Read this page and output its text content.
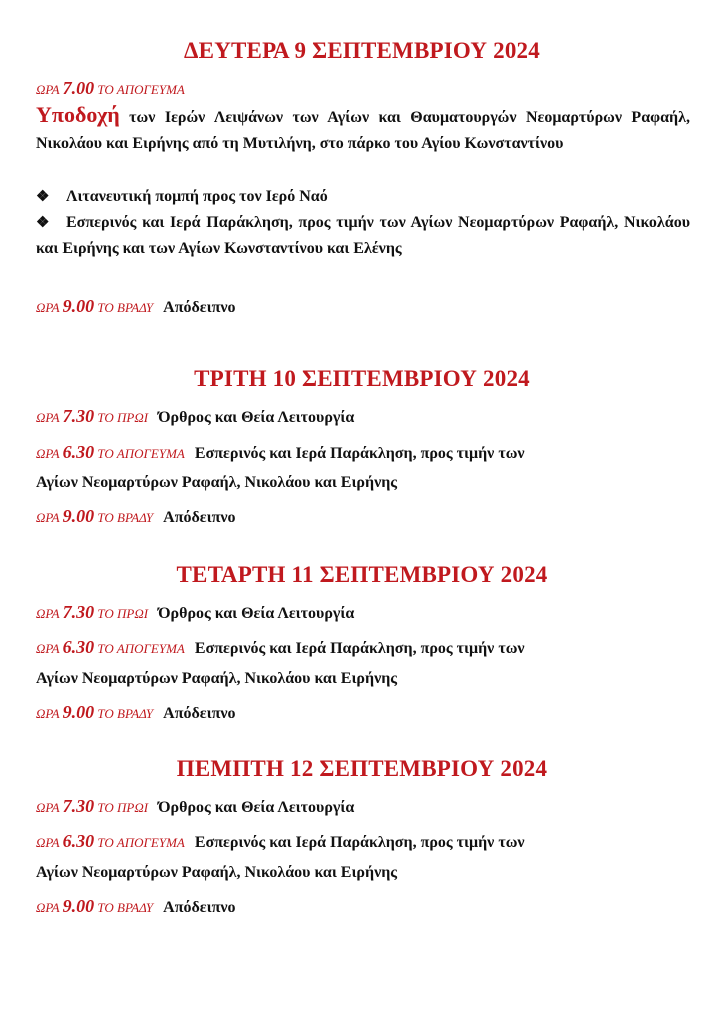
ΔΕΥΤΕΡΑ 9 ΣΕΠΤΕΜΒΡΙΟΥ 2024

ΩΡΑ 7.00 ΤΟ ΑΠΟΓΕΥΜΑ

Υποδοχή των Ιερών Λειψάνων των Αγίων και Θαυματουργών Νεομαρτύρων Ραφαήλ, Νικολάου και Ειρήνης από τη Μυτιλήνη, στο πάρκο του Αγίου Κωνσταντίνου

❖ Λιτανευτική πομπή προς τον Ιερό Ναό

❖ Εσπερινός και Ιερά Παράκληση, προς τιμήν των Αγίων Νεομαρτύρων Ραφαήλ, Νικολάου και Ειρήνης και των Αγίων Κωνσταντίνου και Ελένης

ΩΡΑ 9.00 ΤΟ ΒΡΑΔΥ Απόδειπνο

ΤΡΙΤΗ 10 ΣΕΠΤΕΜΒΡΙΟΥ 2024

ΩΡΑ 7.30 ΤΟ ΠΡΩΙ Όρθρος και Θεία Λειτουργία

ΩΡΑ 6.30 ΤΟ ΑΠΟΓΕΥΜΑ Εσπερινός και Ιερά Παράκληση, προς τιμήν των

Αγίων Νεομαρτύρων Ραφαήλ, Νικολάου και Ειρήνης

ΩΡΑ 9.00 ΤΟ ΒΡΑΔΥ Απόδειπνο

ΤΕΤΑΡΤΗ 11 ΣΕΠΤΕΜΒΡΙΟΥ 2024

ΩΡΑ 7.30 ΤΟ ΠΡΩΙ Όρθρος και Θεία Λειτουργία

ΩΡΑ 6.30 ΤΟ ΑΠΟΓΕΥΜΑ Εσπερινός και Ιερά Παράκληση, προς τιμήν των

Αγίων Νεομαρτύρων Ραφαήλ, Νικολάου και Ειρήνης

ΩΡΑ 9.00 ΤΟ ΒΡΑΔΥ Απόδειπνο

ΠΕΜΠΤΗ 12 ΣΕΠΤΕΜΒΡΙΟΥ 2024

ΩΡΑ 7.30 ΤΟ ΠΡΩΙ Όρθρος και Θεία Λειτουργία

ΩΡΑ 6.30 ΤΟ ΑΠΟΓΕΥΜΑ Εσπερινός και Ιερά Παράκληση, προς τιμήν των

Αγίων Νεομαρτύρων Ραφαήλ, Νικολάου και Ειρήνης

ΩΡΑ 9.00 ΤΟ ΒΡΑΔΥ Απόδειπνο
